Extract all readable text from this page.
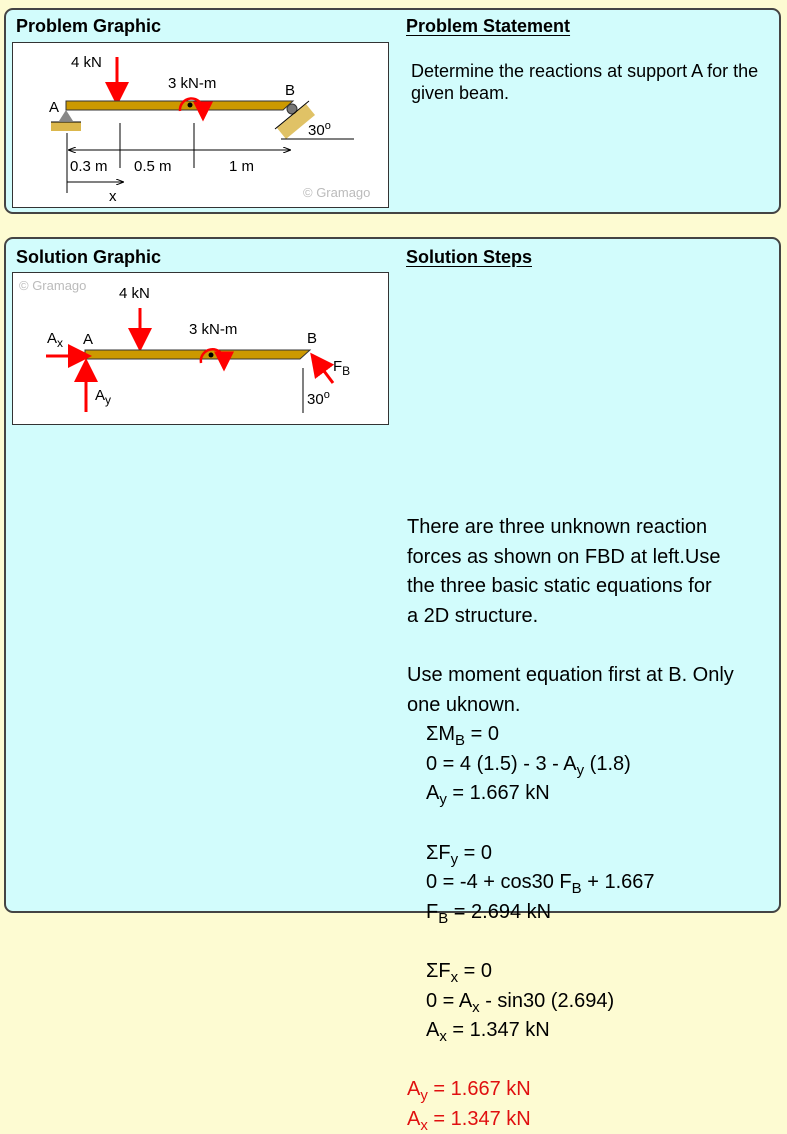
Problem Graphic	Problem Statement
© Gramago
4 kN
A
B
3 kN-m
30$^o$
0.3 m 0.5 m	1 m
x
Determine the reactions at support A for the given beam.
Solution Graphic	Solution Steps
© Gramago 4 kN
A	B
$A_x$
$A_y$
3 kN-m
$F_B$
30$^o$
There are three unknown reaction
forces as shown on FBD at left.Use
the three basic static equations for
a 2D structure.
Use moment equation first at B. Only
one uknown.
$\Sigma M_B = 0$
0 = 4 $(1.5) - 3 - A_y$ (1.8)
$A_y = 1.667$ kN
$\Sigma F_y = 0$
0 = -4 + cos30 $F_B + 1.667$
$F_B = 2.694$ kN
$\Sigma F_x = 0$
$0 = A_x - \sin 30$ (2.694)
$A_x = 1.347$ kN
$A_y = 1.667$ kN
$A_x = 1.347$ kN
